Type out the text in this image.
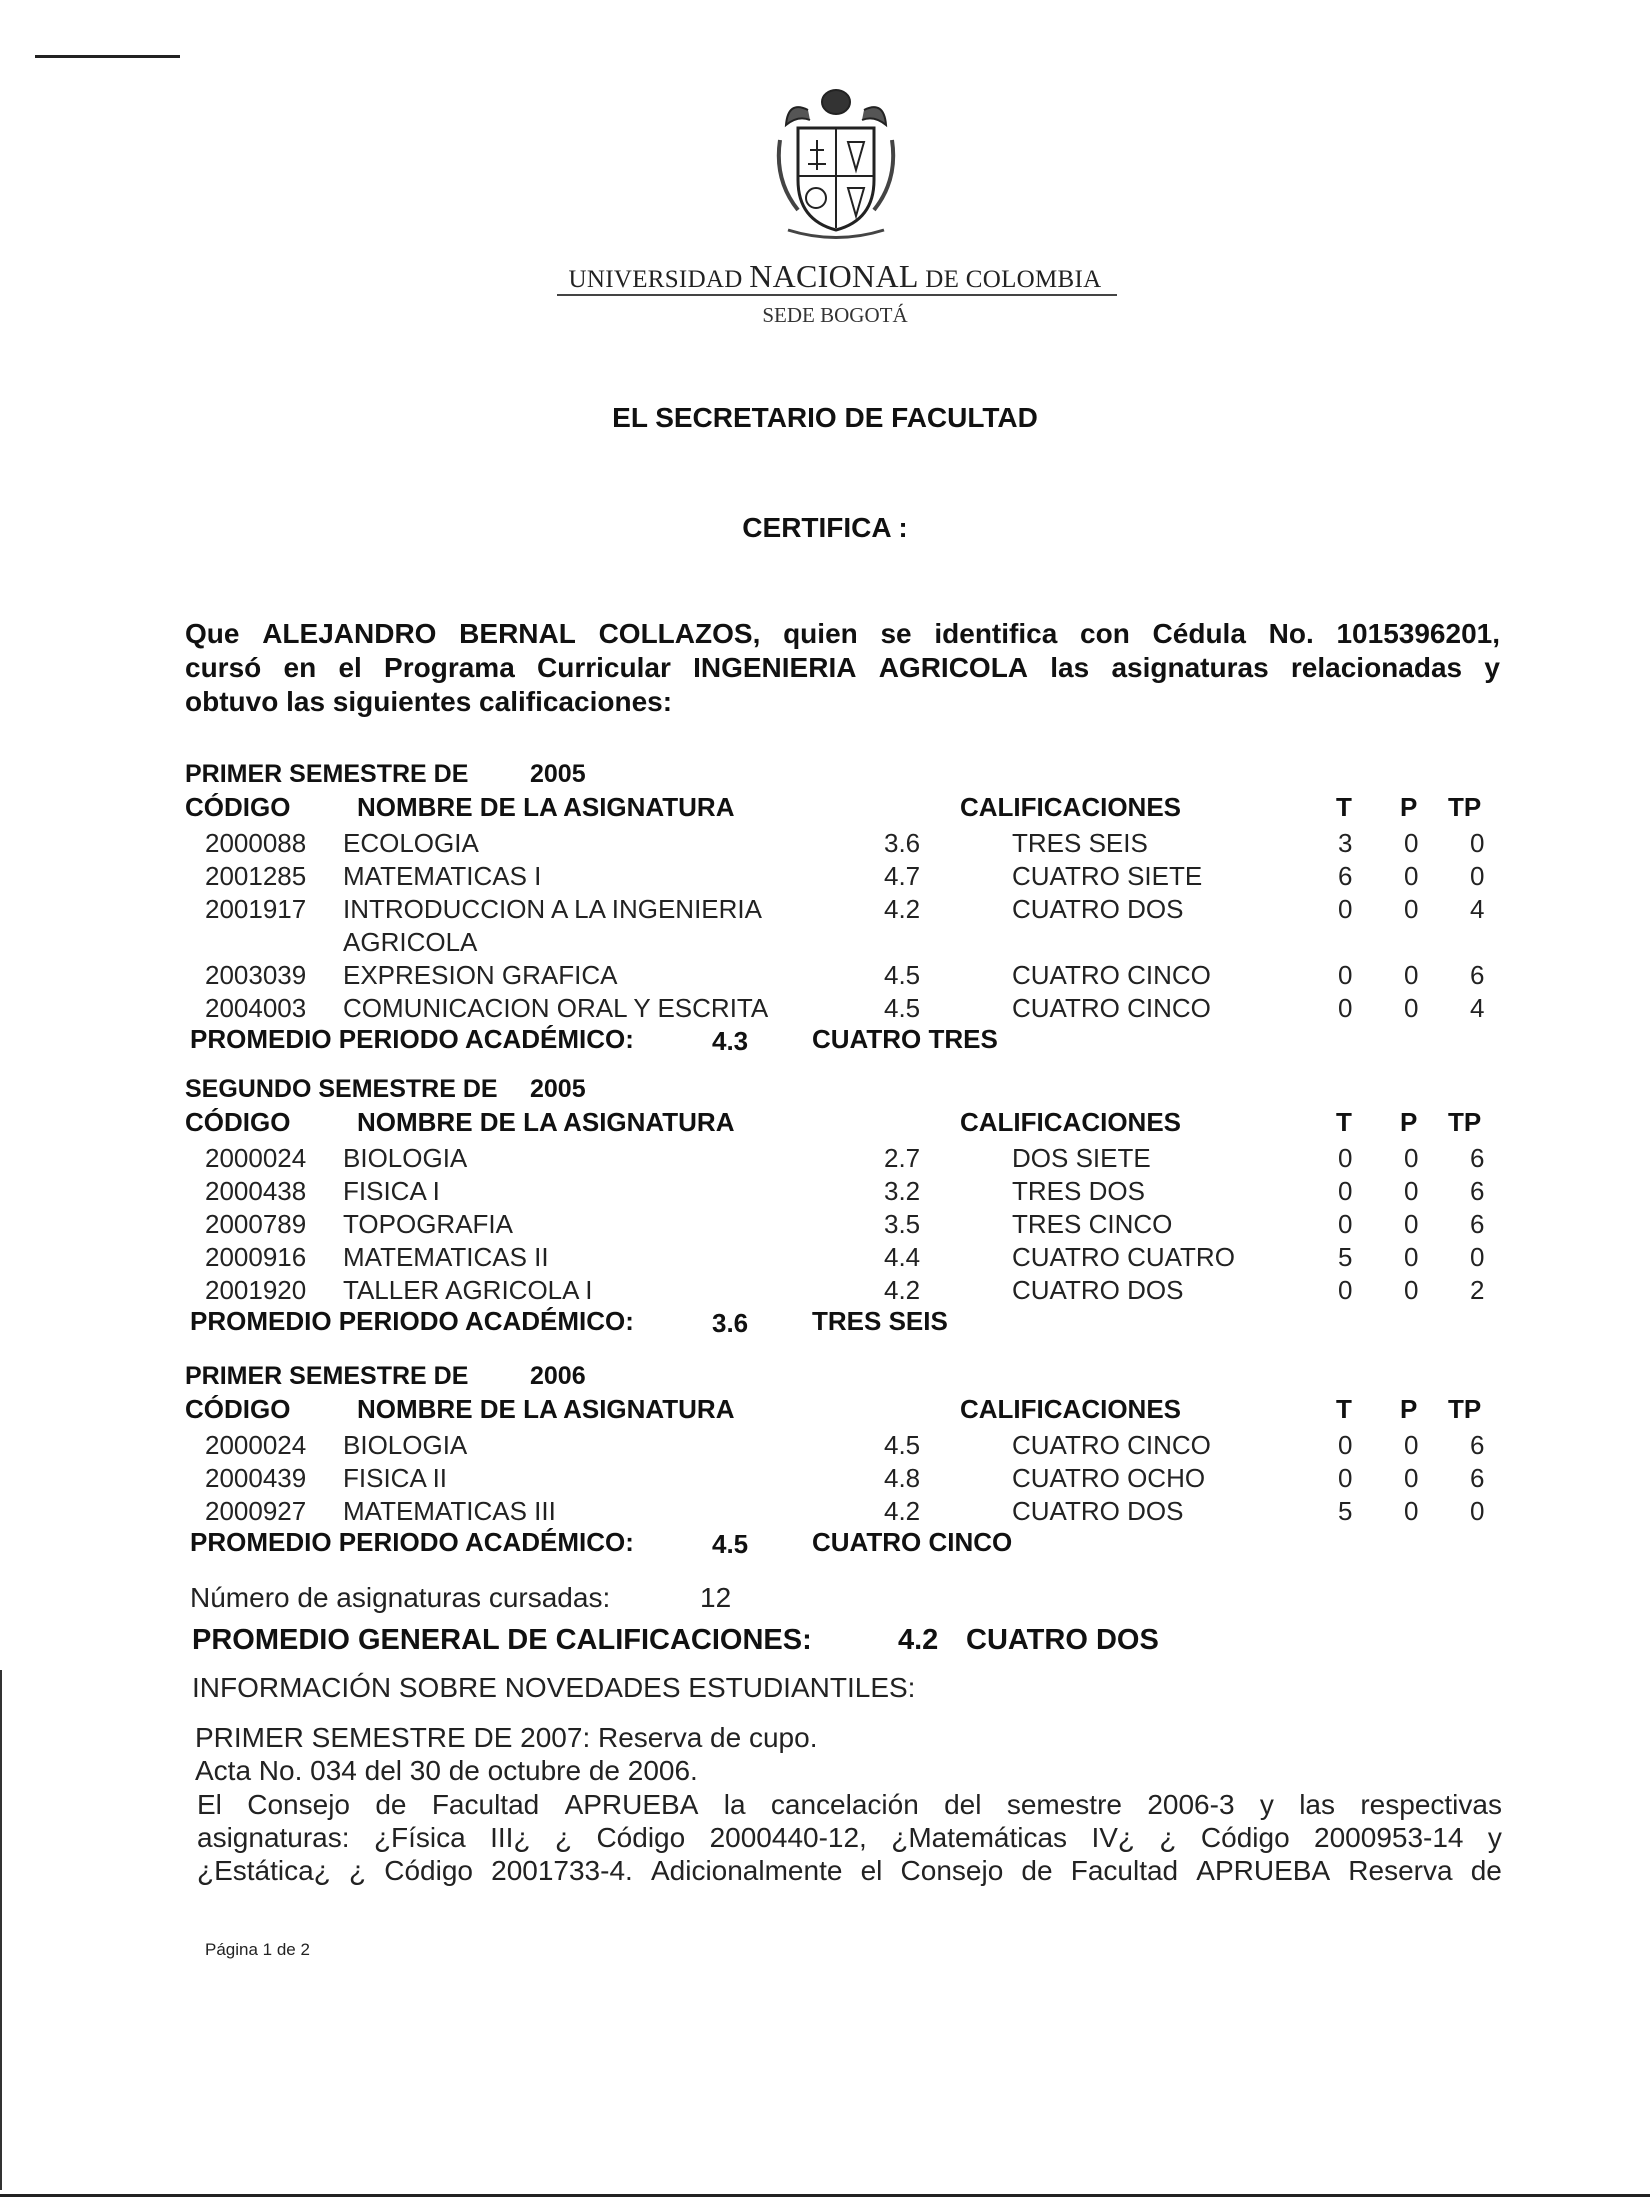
UNIVERSIDAD NACIONAL DE COLOMBIA
SEDE BOGOTÁ
EL SECRETARIO DE FACULTAD
CERTIFICA :
Que ALEJANDRO BERNAL COLLAZOS, quien se identifica con Cédula No. 1015396201,
cursó en el Programa Curricular INGENIERIA AGRICOLA las asignaturas relacionadas y
obtuvo las siguientes calificaciones:
PRIMER SEMESTRE DE 2005
CÓDIGO	NOMBRE DE LA ASIGNATURA	CALIFICACIONES	T P TP
2000088 ECOLOGIA	3.6	TRES SEIS	3 0 0
2001285 MATEMATICAS I	4.7	CUATRO SIETE	6 0 0
2001917 INTRODUCCION A LA INGENIERIA
AGRICOLA
4.2	CUATRO DOS	0 0 4
2003039 EXPRESION GRAFICA	4.5	CUATRO CINCO	0 0 6
2004003 COMUNICACION ORAL Y ESCRITA	4.5	CUATRO CINCO	0 0 4
PROMEDIO PERIODO ACADÉMICO:	4.3 CUATRO TRES
SEGUNDO SEMESTRE DE 2005
CÓDIGO	NOMBRE DE LA ASIGNATURA	CALIFICACIONES	T P TP
2000024 BIOLOGIA	2.7	DOS SIETE	0 0 6
2000438 FISICA I	3.2	TRES DOS	0 0 6
2000789 TOPOGRAFIA	3.5	TRES CINCO	0 0 6
2000916 MATEMATICAS II	4.4	CUATRO CUATRO	5 0 0
2001920 TALLER AGRICOLA I	4.2	CUATRO DOS	0 0 2
PROMEDIO PERIODO ACADÉMICO:	3.6 TRES SEIS
PRIMER SEMESTRE DE 2006
CÓDIGO	NOMBRE DE LA ASIGNATURA	CALIFICACIONES	T P TP
2000024 BIOLOGIA	4.5	CUATRO CINCO	0 0 6
2000439 FISICA II	4.8	CUATRO OCHO	0 0 6
2000927 MATEMATICAS III	4.2	CUATRO DOS	5 0 0
PROMEDIO PERIODO ACADÉMICO:	4.5 CUATRO CINCO
Número de asignaturas cursadas:	12
PROMEDIO GENERAL DE CALIFICACIONES:	4.2 CUATRO DOS
INFORMACIÓN SOBRE NOVEDADES ESTUDIANTILES:
PRIMER SEMESTRE DE 2007: Reserva de cupo.
Acta No. 034 del 30 de octubre de 2006.
El Consejo de Facultad APRUEBA la cancelación del semestre 2006-3 y las respectivas
asignaturas: ¿Física III¿ ¿ Código 2000440-12, ¿Matemáticas IV¿ ¿ Código 2000953-14 y
¿Estática¿ ¿ Código 2001733-4. Adicionalmente el Consejo de Facultad APRUEBA Reserva de
Página 1 de 2
